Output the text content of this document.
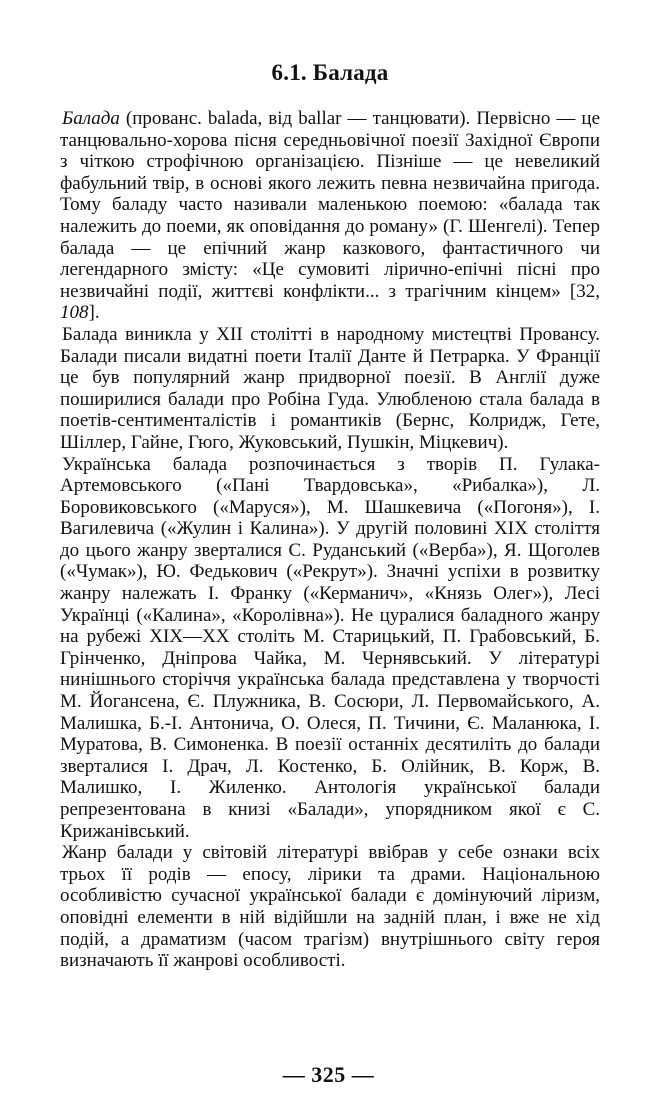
6.1. Балада

Балада (прованс. balada, від ballar — танцювати). Первісно — це танцювально-хорова пісня середньовічної поезії Західної Європи з чіткою строфічною організацією. Пізніше — це невеликий фабульний твір, в основі якого лежить певна незвичайна пригода. Тому баладу часто називали маленькою поемою: «балада так належить до поеми, як оповідання до роману» (Г. Шенгелі). Тепер балада — це епічний жанр казкового, фантастичного чи легендарного змісту: «Це сумовиті лірично-епічні пісні про незвичайні події, життєві конфлікти... з трагічним кінцем» [32, 108].

Балада виникла у XII столітті в народному мистецтві Провансу. Балади писали видатні поети Італії Данте й Петрарка. У Франції це був популярний жанр придворної поезії. В Англії дуже поширилися балади про Робіна Гуда. Улюбленою стала балада в поетів-сентименталістів і романтиків (Бернс, Колридж, Гете, Шіллер, Гайне, Гюго, Жуковський, Пушкін, Міцкевич).

Українська балада розпочинається з творів П. Гулака-Артемовського («Пані Твардовська», «Рибалка»), Л. Боровиковського («Маруся»), М. Шашкевича («Погоня»), І. Вагилевича («Жулин і Калина»). У другій половині XIX століття до цього жанру зверталися С. Руданський («Верба»), Я. Щоголев («Чумак»), Ю. Федькович («Рекрут»). Значні успіхи в розвитку жанру належать І. Франку («Керманич», «Князь Олег»), Лесі Українці («Калина», «Королівна»). Не цуралися баладного жанру на рубежі XIX—XX століть М. Старицький, П. Грабовський, Б. Грінченко, Дніпрова Чайка, М. Чернявський. У літературі нинішнього сторіччя українська балада представлена у творчості М. Йогансена, Є. Плужника, В. Сосюри, Л. Первомайського, А. Малишка, Б.-І. Антонича, О. Олеся, П. Тичини, Є. Маланюка, І. Муратова, В. Симоненка. В поезії останніх десятиліть до балади зверталися І. Драч, Л. Костенко, Б. Олійник, В. Корж, В. Малишко, І. Жиленко. Антологія української балади репрезентована в книзі «Балади», упорядником якої є С. Крижанівський.

Жанр балади у світовій літературі ввібрав у себе ознаки всіх трьох її родів — епосу, лірики та драми. Національною особливістю сучасної української балади є домінуючий ліризм, оповідні елементи в ній відійшли на задній план, і вже не хід подій, а драматизм (часом трагізм) внутрішнього світу героя визначають її жанрові особливості.

— 325 —
